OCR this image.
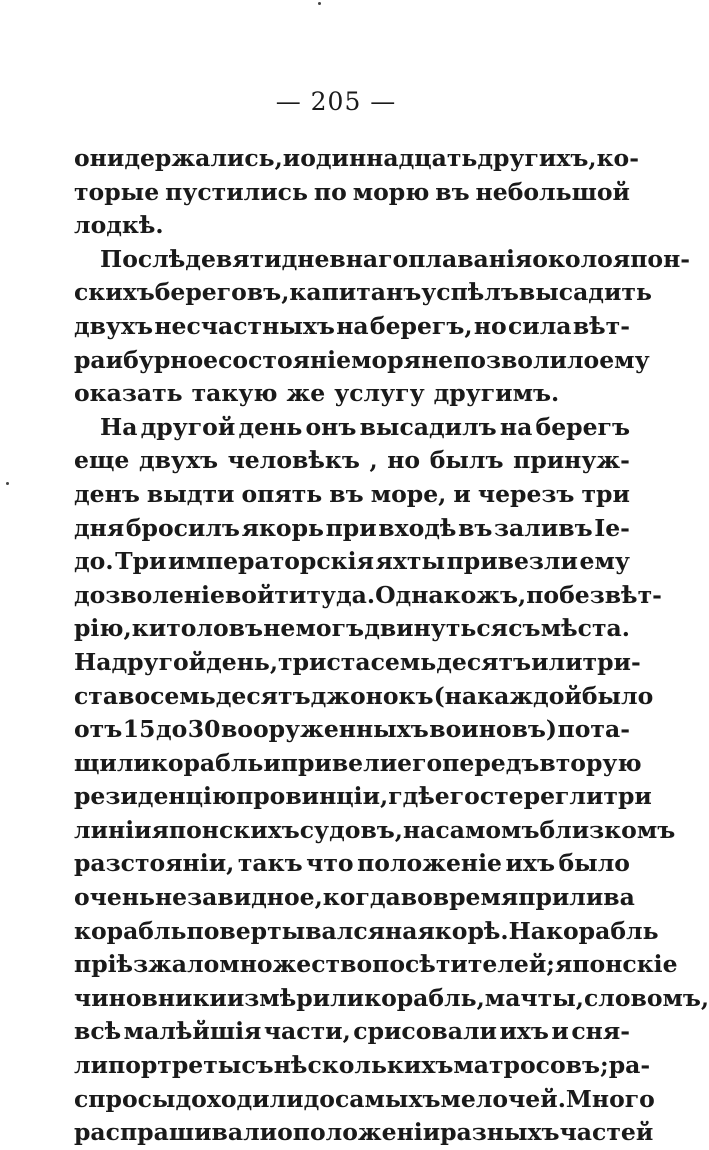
— 205 —
они держались, и одиннадцать другихъ, ко-
торые пустились по морю въ небольшой
лодкѣ.
Послѣ девятидневнаго плаванія около япон-
скихъ береговъ, капитанъ успѣлъ высадить
двухъ несчастныхъ на берегъ, но сила вѣт-
ра и бурное состояніе моря не позволило ему
оказать такую же услугу другимъ.
На другой день онъ высадилъ на берегъ
еще двухъ человѣкъ , но былъ принуж-
денъ выдти опять въ море, и черезъ три
дня бросилъ якорь при входѣ въ заливъ Іе-
до. Три императорскія яхты привезли ему
дозволеніе войти туда. Однакожъ, по безвѣт-
рію, китоловъ не могъ двинуться съ мѣста.
На другой день, триста семьдесятъ или три-
ста восемьдесятъ джонокъ (на каждой было
отъ 15 до 30 вооруженныхъ воиновъ) пота-
щили корабль и привели его передъ вторую
резиденцію провинціи, гдѣ его стерегли три
линіи японскихъ судовъ, на самомъ близкомъ
разстояніи, такъ что положеніе ихъ было
очень незавидное, когда во время прилива
корабль повертывался на якорѣ. На корабль
пріѣзжало множество посѣтителей; японскіе
чиновники измѣрили корабль, мачты, словомъ,
всѣ малѣйшія части, срисовали ихъ и сня-
ли портреты съ нѣсколькихъ матросовъ; ра-
спросы доходили до самыхъ мелочей. Много
распрашивали о положеніи разныхъ частей
